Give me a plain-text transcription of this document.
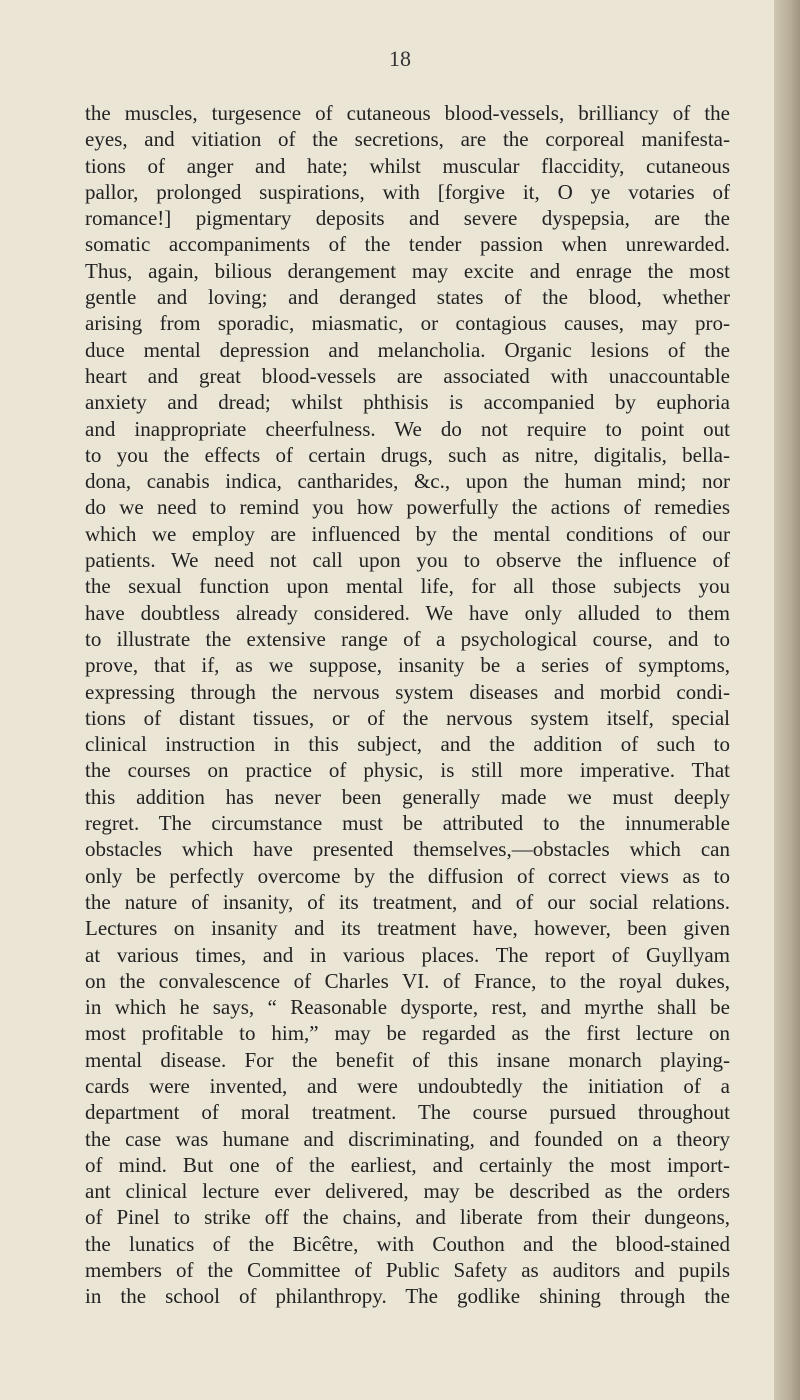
18
the muscles, turgesence of cutaneous blood-vessels, brilliancy of the
eyes, and vitiation of the secretions, are the corporeal manifesta-
tions of anger and hate; whilst muscular flaccidity, cutaneous
pallor, prolonged suspirations, with [forgive it, O ye votaries of
romance!] pigmentary deposits and severe dyspepsia, are the
somatic accompaniments of the tender passion when unrewarded.
Thus, again, bilious derangement may excite and enrage the most
gentle and loving; and deranged states of the blood, whether
arising from sporadic, miasmatic, or contagious causes, may pro-
duce mental depression and melancholia. Organic lesions of the
heart and great blood-vessels are associated with unaccountable
anxiety and dread; whilst phthisis is accompanied by euphoria
and inappropriate cheerfulness. We do not require to point out
to you the effects of certain drugs, such as nitre, digitalis, bella-
dona, canabis indica, cantharides, &c., upon the human mind; nor
do we need to remind you how powerfully the actions of remedies
which we employ are influenced by the mental conditions of our
patients. We need not call upon you to observe the influence of
the sexual function upon mental life, for all those subjects you
have doubtless already considered. We have only alluded to them
to illustrate the extensive range of a psychological course, and to
prove, that if, as we suppose, insanity be a series of symptoms,
expressing through the nervous system diseases and morbid condi-
tions of distant tissues, or of the nervous system itself, special
clinical instruction in this subject, and the addition of such to
the courses on practice of physic, is still more imperative. That
this addition has never been generally made we must deeply
regret. The circumstance must be attributed to the innumerable
obstacles which have presented themselves,—obstacles which can
only be perfectly overcome by the diffusion of correct views as to
the nature of insanity, of its treatment, and of our social relations.
Lectures on insanity and its treatment have, however, been given
at various times, and in various places. The report of Guyllyam
on the convalescence of Charles VI. of France, to the royal dukes,
in which he says, “ Reasonable dysporte, rest, and myrthe shall be
most profitable to him,” may be regarded as the first lecture on
mental disease. For the benefit of this insane monarch playing-
cards were invented, and were undoubtedly the initiation of a
department of moral treatment. The course pursued throughout
the case was humane and discriminating, and founded on a theory
of mind. But one of the earliest, and certainly the most import-
ant clinical lecture ever delivered, may be described as the orders
of Pinel to strike off the chains, and liberate from their dungeons,
the lunatics of the Bicêtre, with Couthon and the blood-stained
members of the Committee of Public Safety as auditors and pupils
in the school of philanthropy. The godlike shining through the
